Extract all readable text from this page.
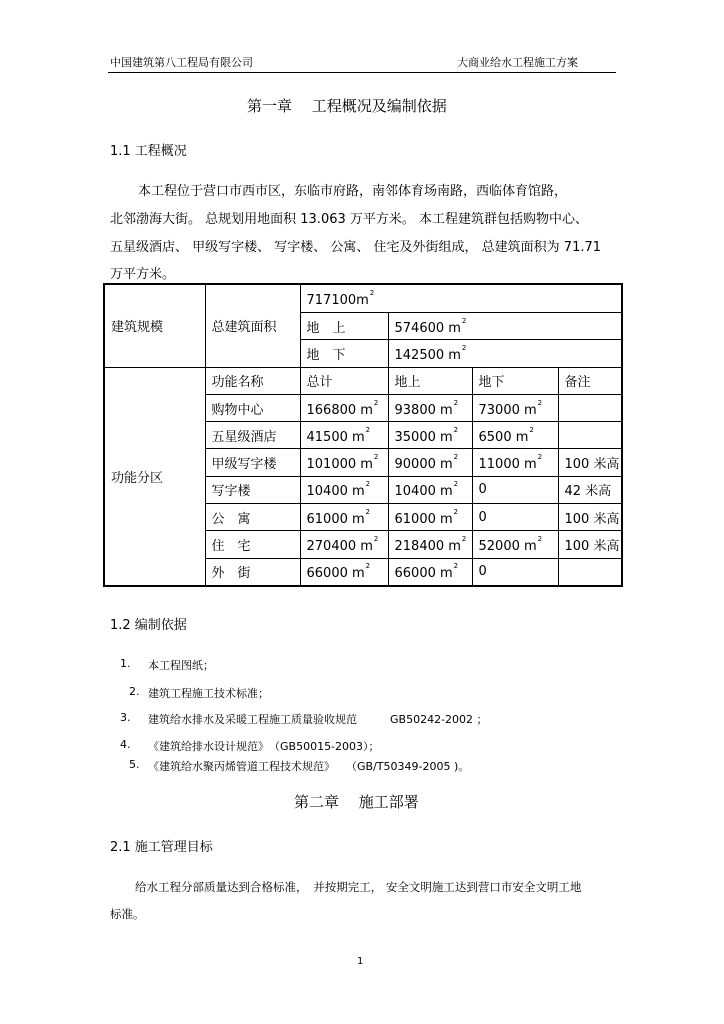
中国建筑第八工程局有限公司	大商业给水工程施工方案
第一章　 工程概况及编制依据
1.1 工程概况
本工程位于营口市西市区，东临市府路，南邻体育场南路，西临体育馆路，
北邻渤海大街。 总规划用地面积 13.063 万平方米。 本工程建筑群包括购物中心、
五星级酒店、 甲级写字楼、 写字楼、 公寓、 住宅及外街组成， 总建筑面积为 71.71
万平方米。
建筑规模	总建筑面积	$717100m^2$
		地　上	574600 $m^2$
		地　下	142500 $m^2$
功能分区	功能名称	总计	地上	地下	备注
	购物中心	166800 $m^2$	93800 $m^2$	73000 $m^2$	
	五星级酒店	41500 $m^2$	35000 $m^2$	6500 $m^2$	
	甲级写字楼	101000 $m^2$	90000 $m^2$	11000 $m^2$	100 米高
	写字楼	10400 $m^2$	10400 $m^2$	0	42 米高
	公　寓	61000 $m^2$	61000 $m^2$	0	100 米高
	住　宅	270400 $m^2$	218400 $m^2$	52000 $m^2$	100 米高
	外　街	66000 $m^2$	66000 $m^2$	0	
1.2 编制依据
1. 本工程图纸；
2. 建筑工程施工技术标准；
3. 建筑给水排水及采暖工程施工质量验收规范　　　GB50242-2002 ；
4. 《建筑给排水设计规范》　（GB50015-2003）；
5. 《建筑给水聚丙烯管道工程技术规范》　　（GB/T50349-2005 )。
第二章　 施工部署
2.1 施工管理目标
给水工程分部质量达到合格标准，　并按期完工， 安全文明施工达到营口市安全文明工地
标准。
1
